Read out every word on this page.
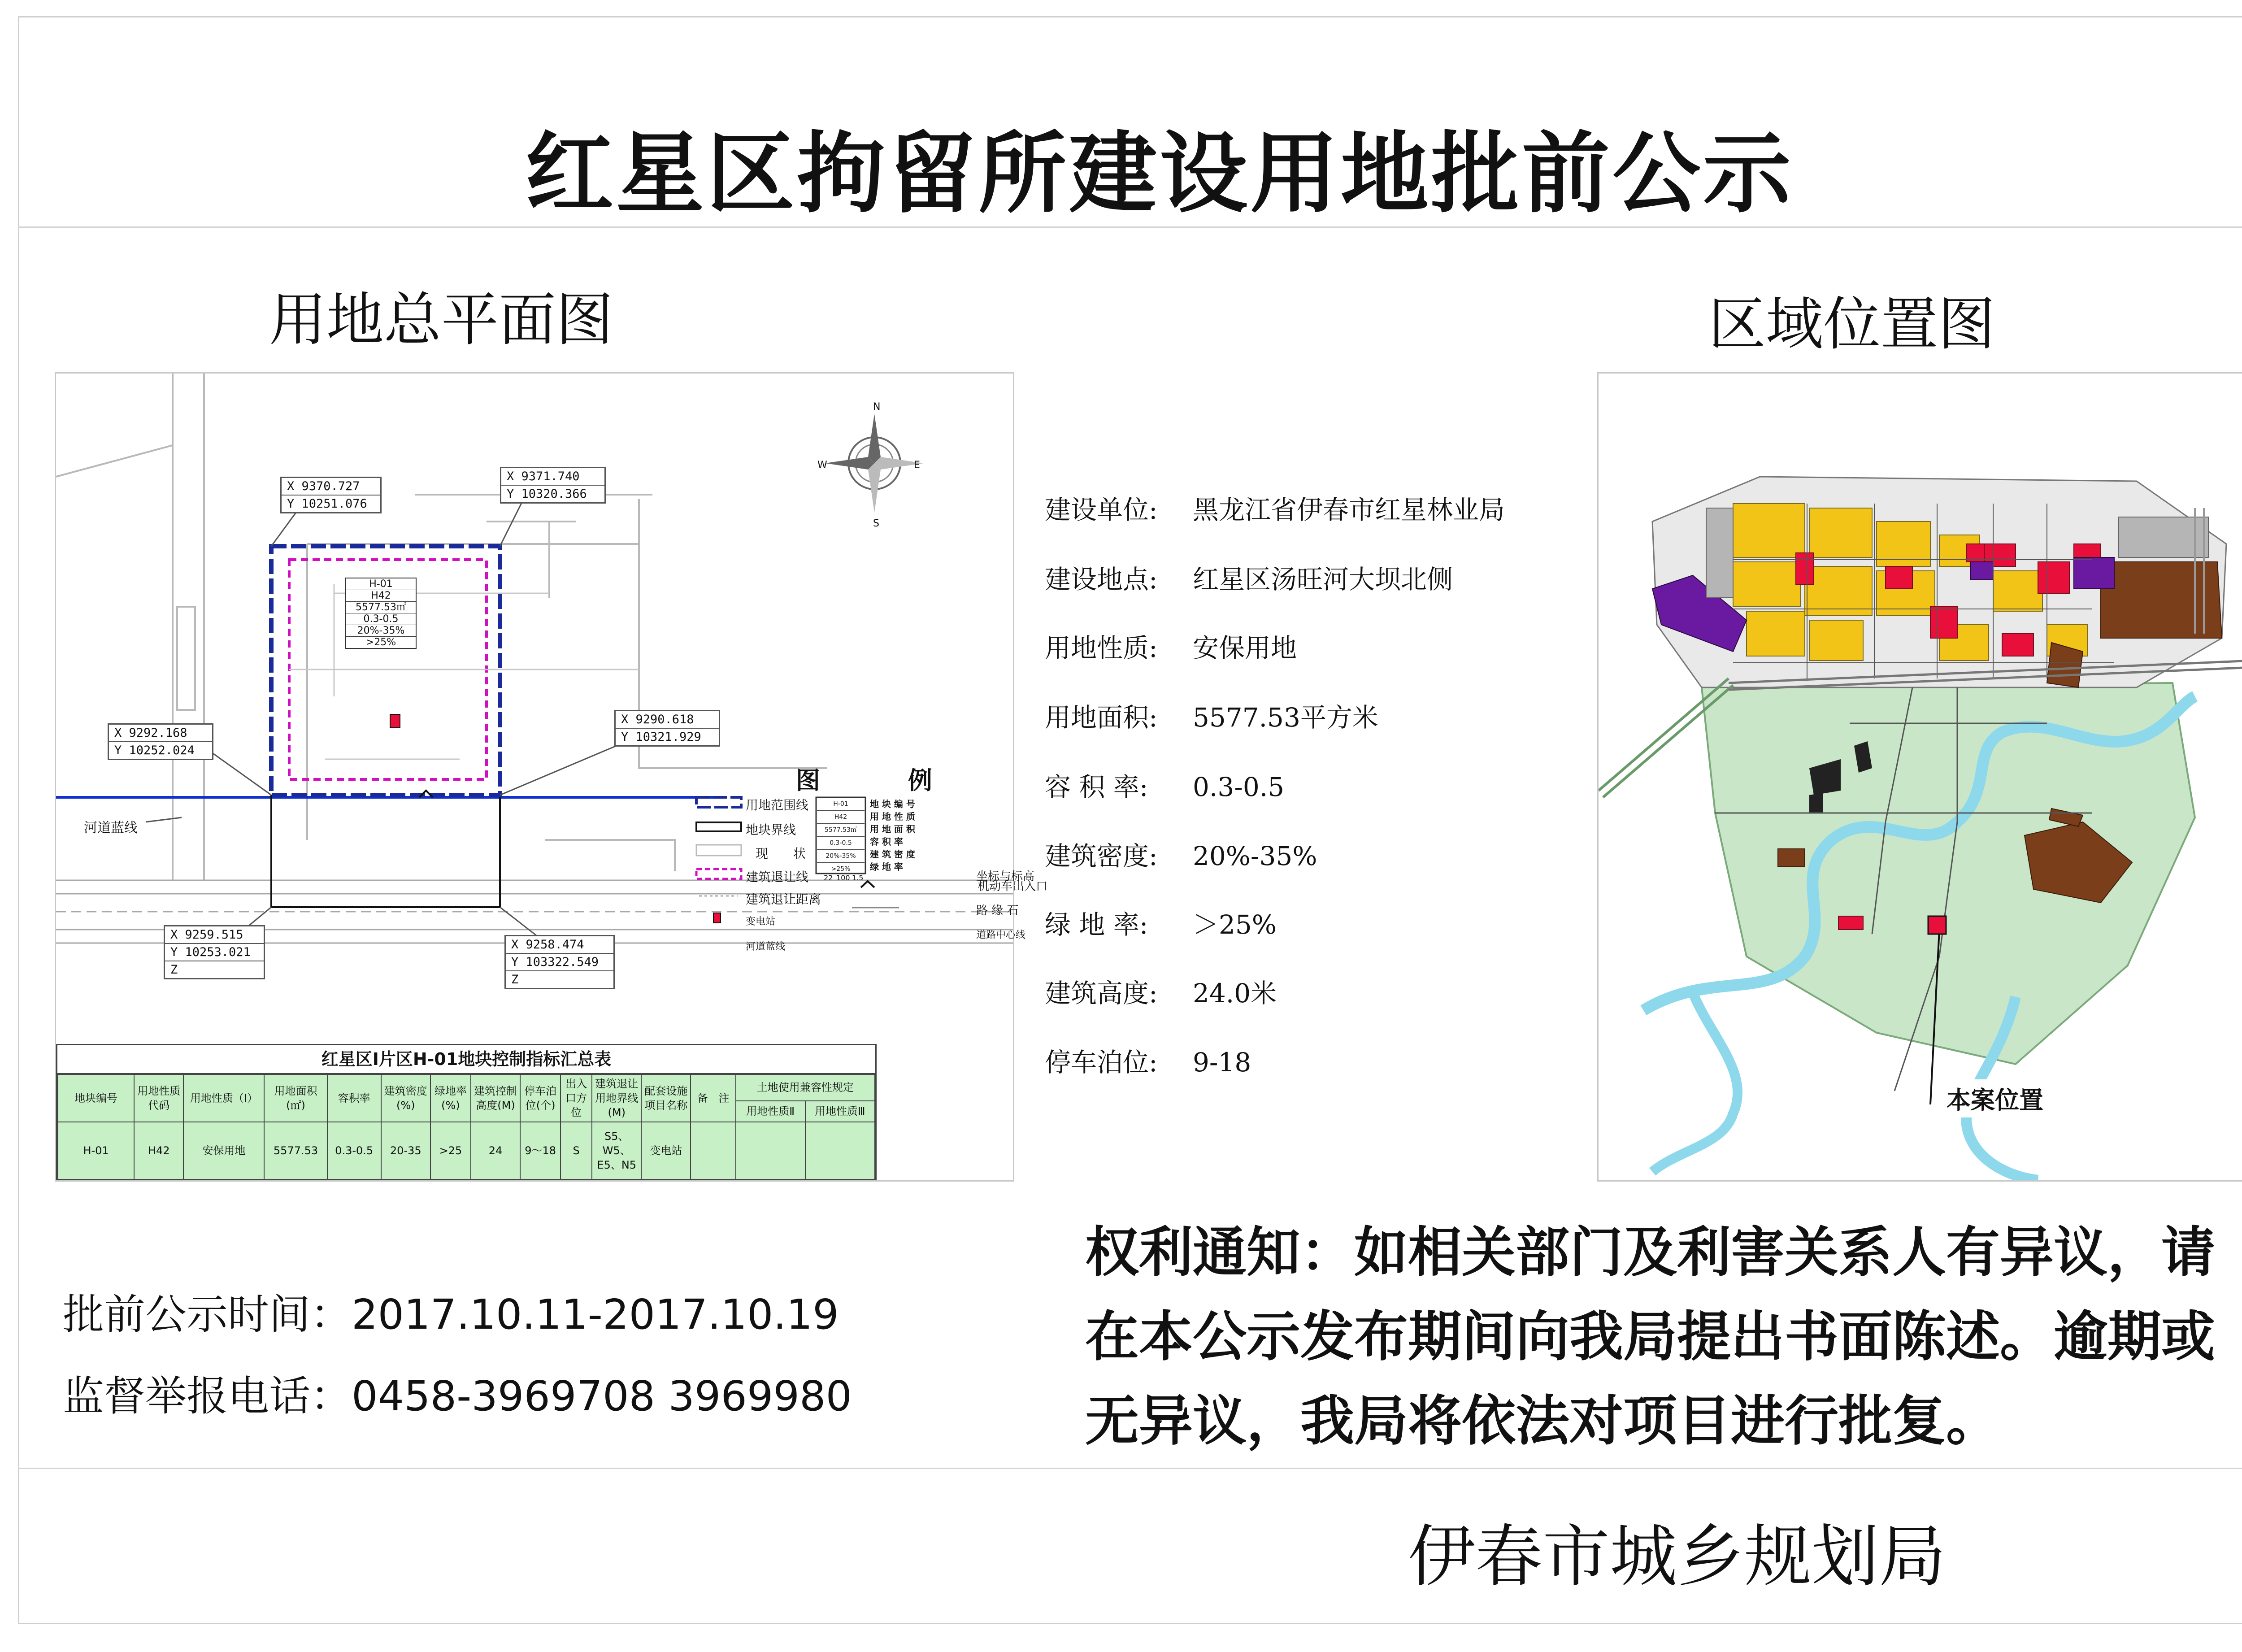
红星区拘留所建设用地批前公示
用地总平面图	区域位置图
N
S
E
W
H-01
H42
5577.53㎡
0.3-0.5
20%-35%
>25%
X 9370.727
Y 10251.076
X 9371.740
Y 10320.366
X 9292.168
Y 10252.024
X 9290.618
Y 10321.929
X 9259.515
Y 10253.021
Z
X 9258.474
Y 103322.549
Z
河道蓝线
图	例
H-01
H42
5577.53㎡
0.3-0.5
20%-35%
>25%
地 块 编 号
用 地 性 质
用 地 面 积
容 积 率
建 筑 密 度
绿 地 率
用地范围线
地块界线
现　　状
建筑退让线
建筑退让距离
变电站
河道蓝线
22 100 1.5	坐标与标高
机动车出入口
路 缘 石
道路中心线
红星区Ⅰ片区H-01地块控制指标汇总表
地块编号	用地性质代码	用地性质（Ⅰ）	用地面积(㎡)	容积率	建筑密度(%)	绿地率(%)	建筑控制高度(M)	停车泊位(个)	出入口方位	建筑退让用地界线(M)	配套设施项目名称	备　注	土地使用兼容性规定	
													用地性质Ⅱ	用地性质Ⅲ
H-01	H42	安保用地	5577.53	0.3-0.5	20-35	>25	24	9～18	S	S5、W5、E5、N5	变电站			
建设单位: 黑龙江省伊春市红星林业局
建设地点: 红星区汤旺河大坝北侧
用地性质: 安保用地
用地面积: 5577.53平方米
容 积 率: 0.3-0.5
建筑密度: 20%-35%
绿 地 率: ＞25%
建筑高度: 24.0米
停车泊位: 9-18
本案位置
批前公示时间：2017.10.11-2017.10.19
监督举报电话：0458-3969708 3969980
权利通知：如相关部门及利害关系人有异议，请在本公示发布期间向我局提出书面陈述。逾期或无异议，我局将依法对项目进行批复。
伊春市城乡规划局
